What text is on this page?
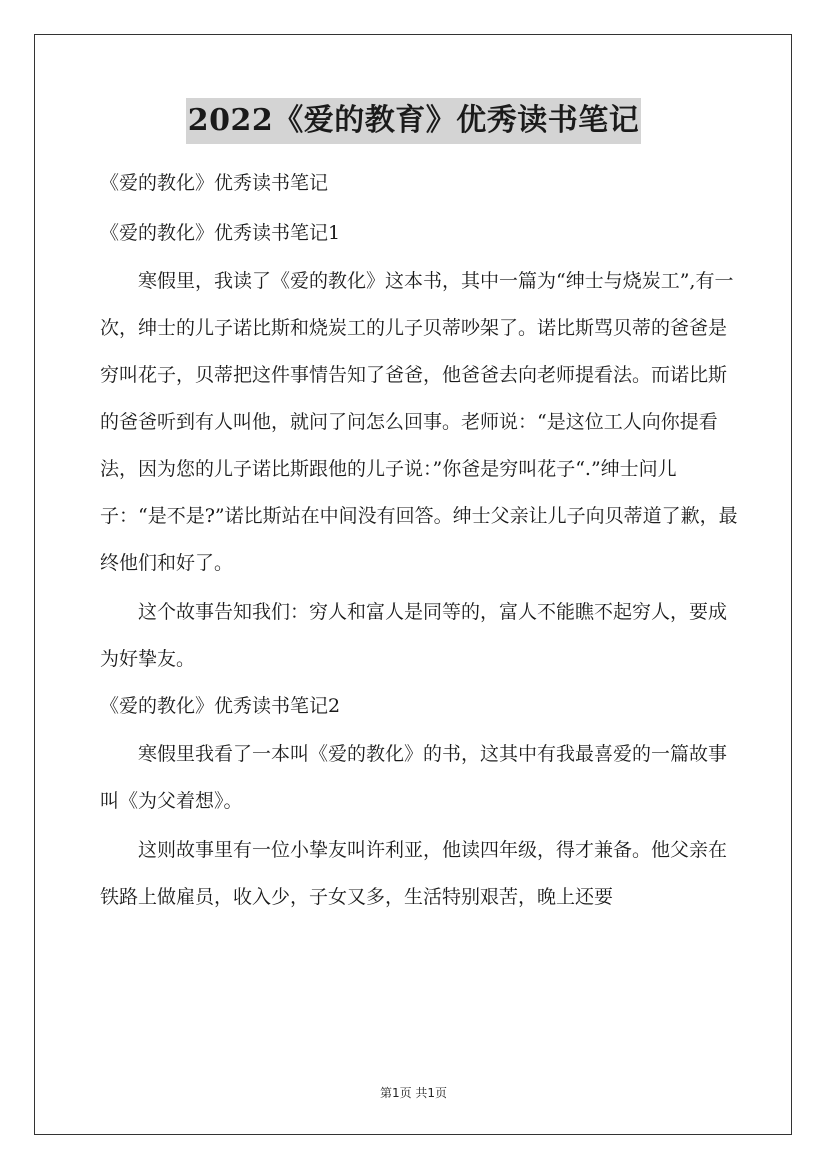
2022《爱的教育》优秀读书笔记

《爱的教化》优秀读书笔记

《爱的教化》优秀读书笔记1

寒假里，我读了《爱的教化》这本书，其中一篇为“绅士与烧炭工”,有一次，绅士的儿子诺比斯和烧炭工的儿子贝蒂吵架了。诺比斯骂贝蒂的爸爸是穷叫花子，贝蒂把这件事情告知了爸爸，他爸爸去向老师提看法。而诺比斯的爸爸听到有人叫他，就问了问怎么回事。老师说：“是这位工人向你提看法，因为您的儿子诺比斯跟他的儿子说：”你爸是穷叫花子“.”绅士问儿子：“是不是?”诺比斯站在中间没有回答。绅士父亲让儿子向贝蒂道了歉，最终他们和好了。

这个故事告知我们：穷人和富人是同等的，富人不能瞧不起穷人，要成为好挚友。

《爱的教化》优秀读书笔记2

寒假里我看了一本叫《爱的教化》的书，这其中有我最喜爱的一篇故事叫《为父着想》。

这则故事里有一位小挚友叫许利亚，他读四年级，得才兼备。他父亲在铁路上做雇员，收入少，子女又多，生活特别艰苦，晚上还要

第1页 共1页
